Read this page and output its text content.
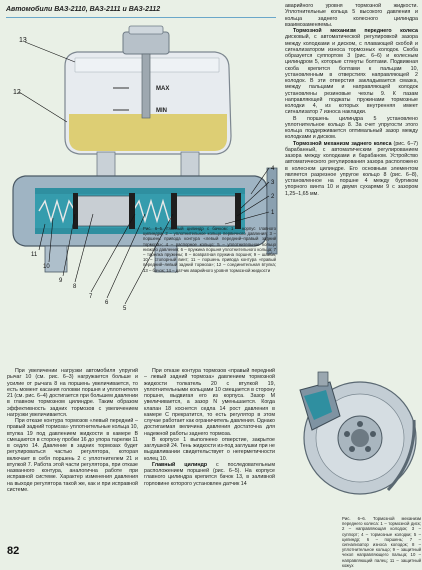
Автомобили ВАЗ-2110, ВАЗ-2111 и ВАЗ-2112
MAX
MIN
13
12
11
10
9
8
7
6
5
4
3
2
1
Рис. 6–5. Главный цилиндр с бачком: 1 – корпус главного цилиндра; 2 – уплотнительное кольцо первичного давления; 3 – поршень привода контура «левый передний–правый задний тормоза»; 4 – распорное кольцо; 5 – уплотнительное кольцо низкого давления; 6 – пружина поршня уплотнительного кольца; 7 – тарелка пружины; 8 – возвратная пружина поршня; 9 – шайба; 10 – стопорный винт; 11 – поршень привода контура «правый передний–левый задний тормоза»; 12 – соединительная втулка; 13 – бачок; 14 – датчик аварийного уровня тормозной жидкости

аварийного уровня тормозной жидкости. Уплотнительные кольца 5 высокого давления и кольца заднего колесного цилиндра взаимозаменяемы.

Тормозной механизм переднего колеса дисковый, с автоматической регулировкой зазора между колодками и диском, с плавающей скобой и сигнализатором износа тормозных колодок. Скоба образуется суппортом 3 (рис. 6–6) и колесным цилиндром 5, которые стянуты болтами. Подвижная скоба крепится болтами к пальцам 10, установленным в отверстиях направляющей 2 колодок. В эти отверстия закладывается смазка, между пальцами и направляющей колодок установлены резиновые чехлы 9. К пазам направляющей поджаты пружинами тормозные колодки 4, из которых внутренняя имеет сигнализатор 7 износа накладки.

В поршень цилиндра 5 установлено уплотнительное кольцо 8. За счет упругости этого кольца поддерживается оптимальный зазор между колодками и диском.

Тормозной механизм заднего колеса (рис. 6–7) барабанный, с автоматическим регулированием зазора между колодками и барабаном. Устройство автоматического регулирования зазора расположено в колесном цилиндре. Его основным элементом является разрезное упругое кольцо 8 (рис. 6–8), установленное на поршне 4 между буртиком упорного винта 10 и двумя сухарями 9 с зазором 1,25–1,65 мм.

Рис. 6–6. Тормозной механизм переднего колеса: 1 – тормозной диск; 2 – направляющая колодок; 3 – суппорт; 4 – тормозные колодки; 5 – цилиндр; 6 – поршень; 7 – сигнализатор износа колодок; 8 – уплотнительное кольцо; 9 – защитный чехол направляющего пальца; 10 – направляющий палец; 11 – защитный кожух

При увеличении нагрузки автомобиля упругий рычаг 10 (см. рис. 6–3) нагружается больше и усилие от рычага 8 на поршень увеличивается, то есть момент касания головки поршня и уплотнителя 21 (см. рис. 6–4) достигается при большем давлении в главном тормозном цилиндре. Таким образом эффективность задних тормозов с увеличением нагрузки увеличивается.

При отказе контура тормозов «левый передний – правый задний тормоза» уплотнительные кольца 10, втулка 19 под давлением жидкости в камере B смещаются в сторону пробки 16 до упора тарелки 11 в седло 14. Давление в задних тормозах будет регулироваться частью регулятора, которая включает в себя поршень 2 с уплотнителем 21 и втулкой 7. Работа этой части регулятора, при отказе названного контура, аналогична работе при исправной системе. Характер изменения давления на выходе регулятора такой же, как и при исправной системе.

При отказе контура тормозов «правый передний – левый задний тормоза» давлением тормозной жидкости толкатель 20 с втулкой 19, уплотнительными кольцами 10 смещается в сторону поршня, выдвигая его из корпуса. Зазор M увеличивается, а зазор N уменьшается. Когда клапан 18 коснется седла 14 рост давления в камере C прекратится, то есть регулятор в этом случае работает как ограничитель давления. Однако достигаемая величина давления достаточна для надежной работы заднего тормоза.

В корпусе 1 выполнено отверстие, закрытое заглушкой 24. Тень жидкости из-под заглушки при не выдавливании свидетельствует о негерметичности колец 10.

Главный цилиндр с последовательным расположением поршней (рис. 6–5). На корпусе главного цилиндра крепится бачок 13, в заливной горловине которого установлен датчик 14

82
